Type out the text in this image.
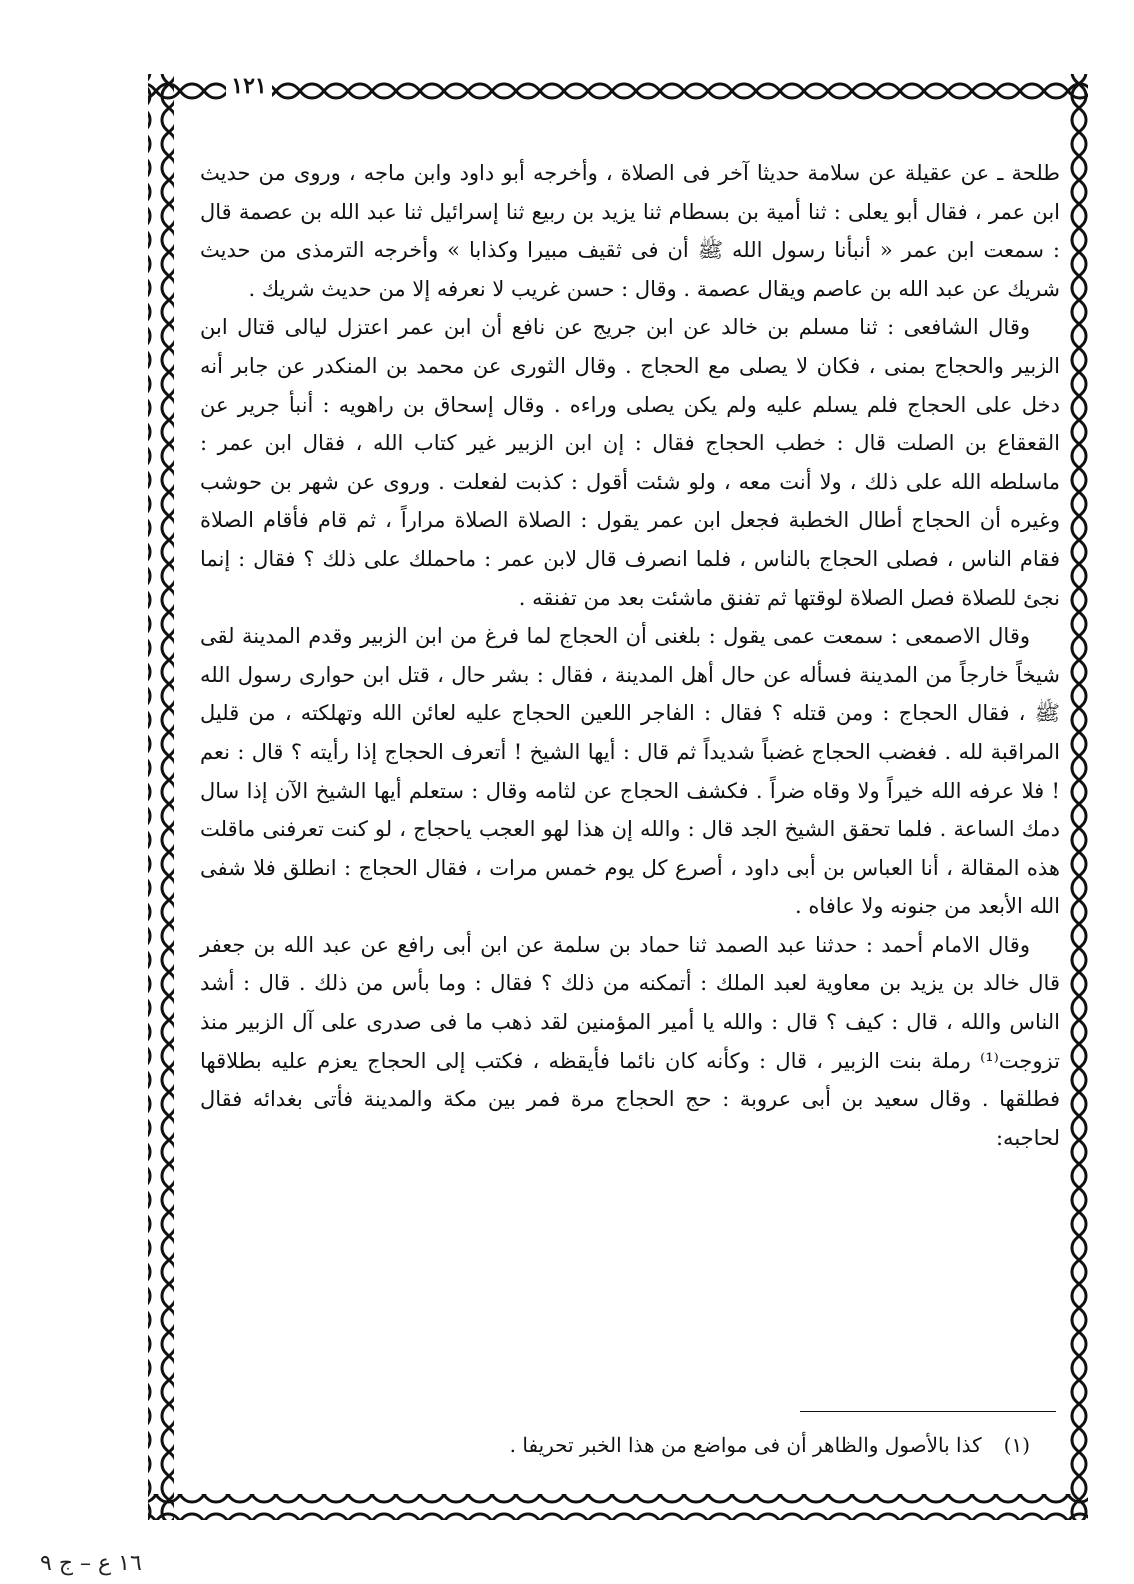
١٢١

طلحة ـ عن عقيلة عن سلامة حديثا آخر فى الصلاة ، وأخرجه أبو داود وابن ماجه ، وروى من حديث ابن عمر ، فقال أبو يعلى : ثنا أمية بن بسطام ثنا يزيد بن ربيع ثنا إسرائيل ثنا عبد الله بن عصمة قال : سمعت ابن عمر « أنبأنا رسول الله ﷺ أن فى ثقيف مبيرا وكذابا » وأخرجه الترمذى من حديث شريك عن عبد الله بن عاصم ويقال عصمة . وقال : حسن غريب لا نعرفه إلا من حديث شريك .

وقال الشافعى : ثنا مسلم بن خالد عن ابن جريج عن نافع أن ابن عمر اعتزل ليالى قتال ابن الزبير والحجاج بمنى ، فكان لا يصلى مع الحجاج . وقال الثورى عن محمد بن المنكدر عن جابر أنه دخل على الحجاج فلم يسلم عليه ولم يكن يصلى وراءه . وقال إسحاق بن راهويه : أنبأ جرير عن القعقاع بن الصلت قال : خطب الحجاج فقال : إن ابن الزبير غير كتاب الله ، فقال ابن عمر : ماسلطه الله على ذلك ، ولا أنت معه ، ولو شئت أقول : كذبت لفعلت . وروى عن شهر بن حوشب وغيره أن الحجاج أطال الخطبة فجعل ابن عمر يقول : الصلاة الصلاة مراراً ، ثم قام فأقام الصلاة فقام الناس ، فصلى الحجاج بالناس ، فلما انصرف قال لابن عمر : ماحملك على ذلك ؟ فقال : إنما نجئ للصلاة فصل الصلاة لوقتها ثم تفنق ماشئت بعد من تفنقه .

وقال الاصمعى : سمعت عمى يقول : بلغنى أن الحجاج لما فرغ من ابن الزبير وقدم المدينة لقى شيخاً خارجاً من المدينة فسأله عن حال أهل المدينة ، فقال : بشر حال ، قتل ابن حوارى رسول الله ﷺ ، فقال الحجاج : ومن قتله ؟ فقال : الفاجر اللعين الحجاج عليه لعائن الله وتهلكته ، من قليل المراقبة لله . فغضب الحجاج غضباً شديداً ثم قال : أيها الشيخ ! أتعرف الحجاج إذا رأيته ؟ قال : نعم ! فلا عرفه الله خيراً ولا وقاه ضراً . فكشف الحجاج عن لثامه وقال : ستعلم أيها الشيخ الآن إذا سال دمك الساعة . فلما تحقق الشيخ الجد قال : والله إن هذا لهو العجب ياحجاج ، لو كنت تعرفنى ماقلت هذه المقالة ، أنا العباس بن أبى داود ، أصرع كل يوم خمس مرات ، فقال الحجاج : انطلق فلا شفى الله الأبعد من جنونه ولا عافاه .

وقال الامام أحمد : حدثنا عبد الصمد ثنا حماد بن سلمة عن ابن أبى رافع عن عبد الله بن جعفر قال خالد بن يزيد بن معاوية لعبد الملك : أتمكنه من ذلك ؟ فقال : وما بأس من ذلك . قال : أشد الناس والله ، قال : كيف ؟ قال : والله يا أمير المؤمنين لقد ذهب ما فى صدرى على آل الزبير منذ تزوجت⁽¹⁾ رملة بنت الزبير ، قال : وكأنه كان نائما فأيقظه ، فكتب إلى الحجاج يعزم عليه بطلاقها فطلقها . وقال سعيد بن أبى عروبة : حج الحجاج مرة فمر بين مكة والمدينة فأتى بغدائه فقال لحاجبه:

(١)كذا بالأصول والظاهر أن فى مواضع من هذا الخبر تحريفا .
١٦ ع – ج ٩
